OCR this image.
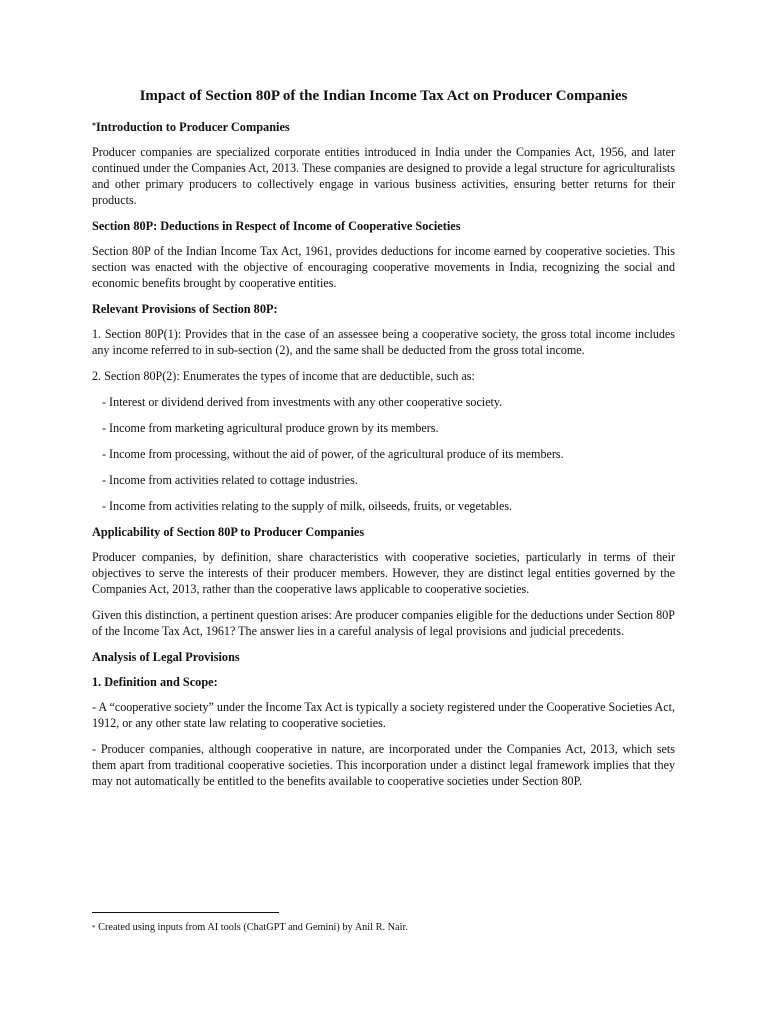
Impact of Section 80P of the Indian Income Tax Act on Producer Companies
*Introduction to Producer Companies

Producer companies are specialized corporate entities introduced in India under the Companies Act, 1956, and later continued under the Companies Act, 2013. These companies are designed to provide a legal structure for agriculturalists and other primary producers to collectively engage in various business activities, ensuring better returns for their products.

Section 80P: Deductions in Respect of Income of Cooperative Societies

Section 80P of the Indian Income Tax Act, 1961, provides deductions for income earned by cooperative societies. This section was enacted with the objective of encouraging cooperative movements in India, recognizing the social and economic benefits brought by cooperative entities.

Relevant Provisions of Section 80P:

1. Section 80P(1): Provides that in the case of an assessee being a cooperative society, the gross total income includes any income referred to in sub-section (2), and the same shall be deducted from the gross total income.

2. Section 80P(2): Enumerates the types of income that are deductible, such as:

- Interest or dividend derived from investments with any other cooperative society.
- Income from marketing agricultural produce grown by its members.
- Income from processing, without the aid of power, of the agricultural produce of its members.
- Income from activities related to cottage industries.
- Income from activities relating to the supply of milk, oilseeds, fruits, or vegetables.
Applicability of Section 80P to Producer Companies

Producer companies, by definition, share characteristics with cooperative societies, particularly in terms of their objectives to serve the interests of their producer members. However, they are distinct legal entities governed by the Companies Act, 2013, rather than the cooperative laws applicable to cooperative societies.

Given this distinction, a pertinent question arises: Are producer companies eligible for the deductions under Section 80P of the Income Tax Act, 1961? The answer lies in a careful analysis of legal provisions and judicial precedents.

Analysis of Legal Provisions
1. Definition and Scope:

- A “cooperative society” under the Income Tax Act is typically a society registered under the Cooperative Societies Act, 1912, or any other state law relating to cooperative societies.

- Producer companies, although cooperative in nature, are incorporated under the Companies Act, 2013, which sets them apart from traditional cooperative societies. This incorporation under a distinct legal framework implies that they may not automatically be entitled to the benefits available to cooperative societies under Section 80P.

* Created using inputs from AI tools (ChatGPT and Gemini) by Anil R. Nair.
